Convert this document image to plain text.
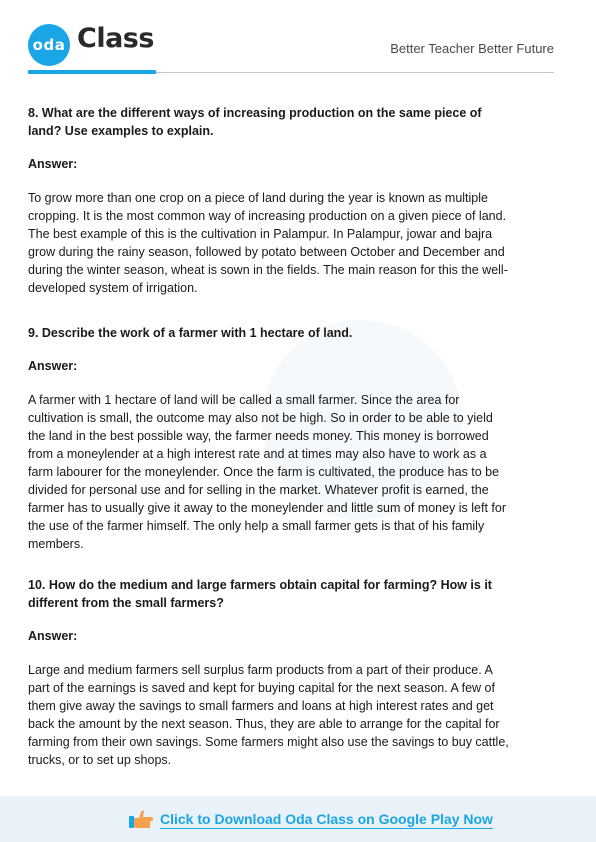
oda Class	Better Teacher Better Future

8. What are the different ways of increasing production on the same piece of land? Use examples to explain.

Answer:

To grow more than one crop on a piece of land during the year is known as multiple cropping. It is the most common way of increasing production on a given piece of land. The best example of this is the cultivation in Palampur. In Palampur, jowar and bajra grow during the rainy season, followed by potato between October and December and during the winter season, wheat is sown in the fields. The main reason for this the well-developed system of irrigation.

9. Describe the work of a farmer with 1 hectare of land.

Answer:

A farmer with 1 hectare of land will be called a small farmer. Since the area for cultivation is small, the outcome may also not be high. So in order to be able to yield the land in the best possible way, the farmer needs money. This money is borrowed from a moneylender at a high interest rate and at times may also have to work as a farm labourer for the moneylender. Once the farm is cultivated, the produce has to be divided for personal use and for selling in the market. Whatever profit is earned, the farmer has to usually give it away to the moneylender and little sum of money is left for the use of the farmer himself. The only help a small farmer gets is that of his family members.

10. How do the medium and large farmers obtain capital for farming? How is it different from the small farmers?

Answer:

Large and medium farmers sell surplus farm products from a part of their produce. A part of the earnings is saved and kept for buying capital for the next season. A few of them give away the savings to small farmers and loans at high interest rates and get back the amount by the next season. Thus, they are able to arrange for the capital for farming from their own savings. Some farmers might also use the savings to buy cattle, trucks, or to set up shops.

Click to Download Oda Class on Google Play Now
